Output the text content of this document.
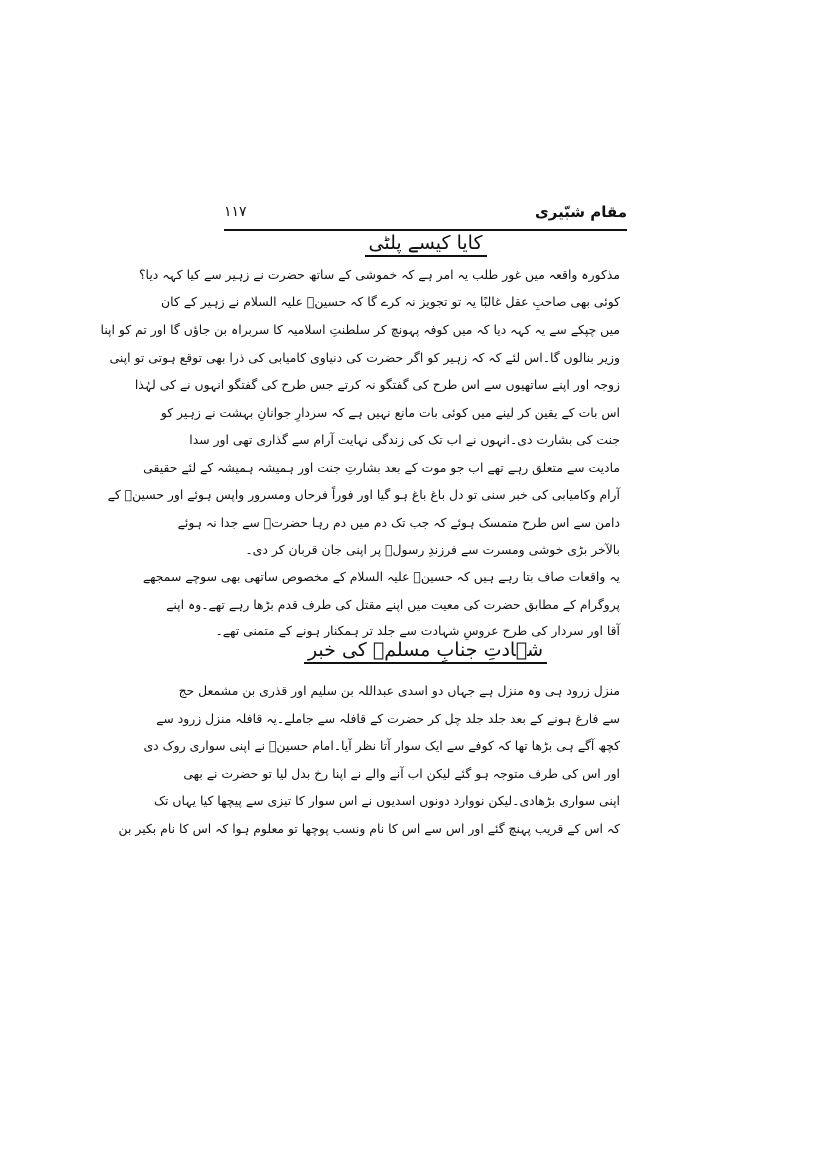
مقام شبّیری
۱۱۷
کایا کیسے پلٹی
مذکورہ واقعہ میں غور طلب یہ امر ہے کہ خموشی کے ساتھ حضرت نے زہیر سے کیا کہہ دیا؟
کوئی بھی صاحبِ عقل غالبًا یہ تو تجویز نہ کرے گا کہ حسینؑ علیہ السلام نے زہیر کے کان
میں چپکے سے یہ کہہ دیا کہ میں کوفہ پہونچ کر سلطنتِ اسلامیہ کا سربراہ بن جاؤں گا اور تم کو اپنا
وزیر بنالوں گا۔اس لئے کہ کہ زہیر کو اگر حضرت کی دنیاوی کامیابی کی ذرا بھی توقع ہوتی تو اپنی
زوجہ اور اپنے ساتھیوں سے اس طرح کی گفتگو نہ کرتے جس طرح کی گفتگو انہوں نے کی لہٰذا
اس بات کے یقین کر لینے میں کوئی بات مانع نہیں ہے کہ سردارِ جوانانِ بہشت نے زہیر کو
جنت کی بشارت دی۔انہوں نے اب تک کی زندگی نہایت آرام سے گذاری تھی اور سدا
مادیت سے متعلق رہے تھے اب جو موت کے بعد بشارتِ جنت اور ہمیشہ ہمیشہ کے لئے حقیقی
آرام وکامیابی کی خبر سنی تو دل باغ باغ ہو گیا اور فوراً فرحاں ومسرور واپس ہوئے اور حسینؑ کے
دامن سے اس طرح متمسک ہوئے کہ جب تک دم میں دم رہا حضرتؑ سے جدا نہ ہوئے
بالآخر بڑی خوشی ومسرت سے فرزندِ رسولؐ پر اپنی جان قربان کر دی۔
یہ واقعات صاف بتا رہے ہیں کہ حسینؑ علیہ السلام کے مخصوص ساتھی بھی سوچے سمجھے
پروگرام کے مطابق حضرت کی معیت میں اپنے مقتل کی طرف قدم بڑھا رہے تھے۔وہ اپنے
آقا اور سردار کی طرح عروسِ شہادت سے جلد تر ہمکنار ہونے کے متمنی تھے۔
شہادتِ جنابِ مسلمؑ کی خبر
منزل زرود ہی وہ منزل ہے جہاں دو اسدی عبداللہ بن سلیم اور قذری بن مشمعل حج
سے فارغ ہونے کے بعد جلد جلد چل کر حضرت کے قافلہ سے جاملے۔یہ قافلہ منزل زرود سے
کچھ آگے ہی بڑھا تھا کہ کوفے سے ایک سوار آتا نظر آیا۔امام حسینؑ نے اپنی سواری روک دی
اور اس کی طرف متوجہ ہو گئے لیکن اب آنے والے نے اپنا رخ بدل لیا تو حضرت نے بھی
اپنی سواری بڑھادی۔لیکن نووارد دونوں اسدیوں نے اس سوار کا تیزی سے پیچھا کیا یہاں تک
کہ اس کے قریب پہنچ گئے اور اس سے اس کا نام ونسب پوچھا تو معلوم ہوا کہ اس کا نام بکیر بن
